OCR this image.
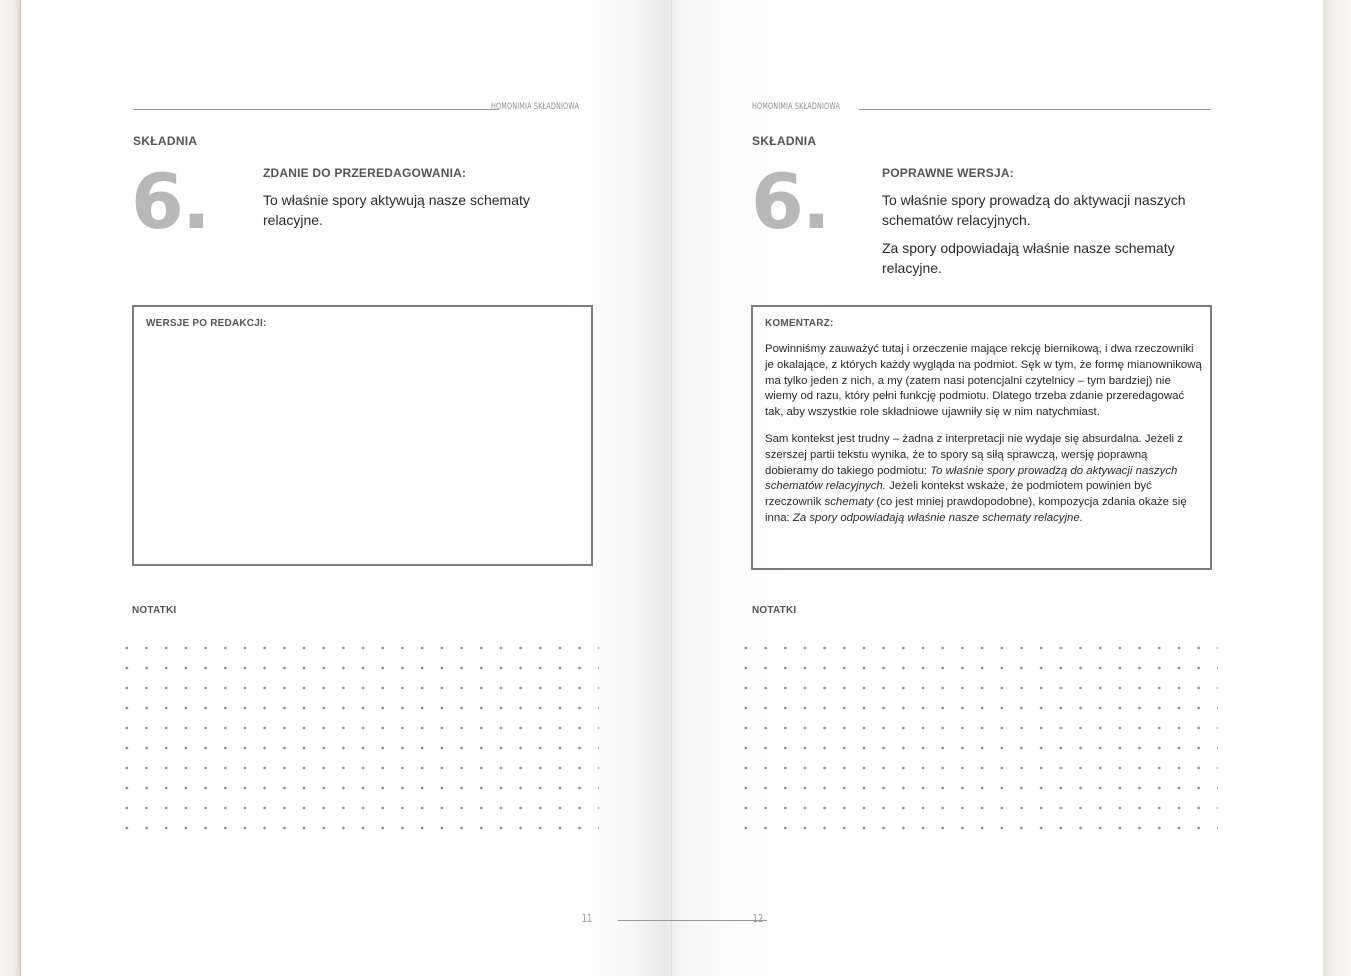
HOMONIMIA SKŁADNIOWA
SKŁADNIA
6.	ZDANIE DO PRZEREDAGOWANIA:

To właśnie spory aktywują nasze schematy relacyjne.

WERSJE PO REDAKCJI:
NOTATKI
11
HOMONIMIA SKŁADNIOWA
SKŁADNIA
6.	POPRAWNE WERSJA:

To właśnie spory prowadzą do aktywacji naszych schematów relacyjnych.

Za spory odpowiadają właśnie nasze schematy relacyjne.

KOMENTARZ:

Powinniśmy zauważyć tutaj i orzeczenie mające rekcję biernikową, i dwa rzeczowniki je okalające, z których każdy wygląda na podmiot. Sęk w tym, że formę mianownikową ma tylko jeden z nich, a my (zatem nasi potencjalni czytelnicy – tym bardziej) nie wiemy od razu, który pełni funkcję podmiotu. Dlatego trzeba zdanie przeredagować tak, aby wszystkie role składniowe ujawniły się w nim natychmiast.

Sam kontekst jest trudny – żadna z interpretacji nie wydaje się absurdalna. Jeżeli z szerszej partii tekstu wynika, że to spory są siłą sprawczą, wersję poprawną dobieramy do takiego podmiotu: To właśnie spory prowadzą do aktywacji naszych schematów relacyjnych. Jeżeli kontekst wskaże, że podmiotem powinien być rzeczownik schematy (co jest mniej prawdopodobne), kompozycja zdania okaże się inna: Za spory odpowiadają właśnie nasze schematy relacyjne.

NOTATKI
12
